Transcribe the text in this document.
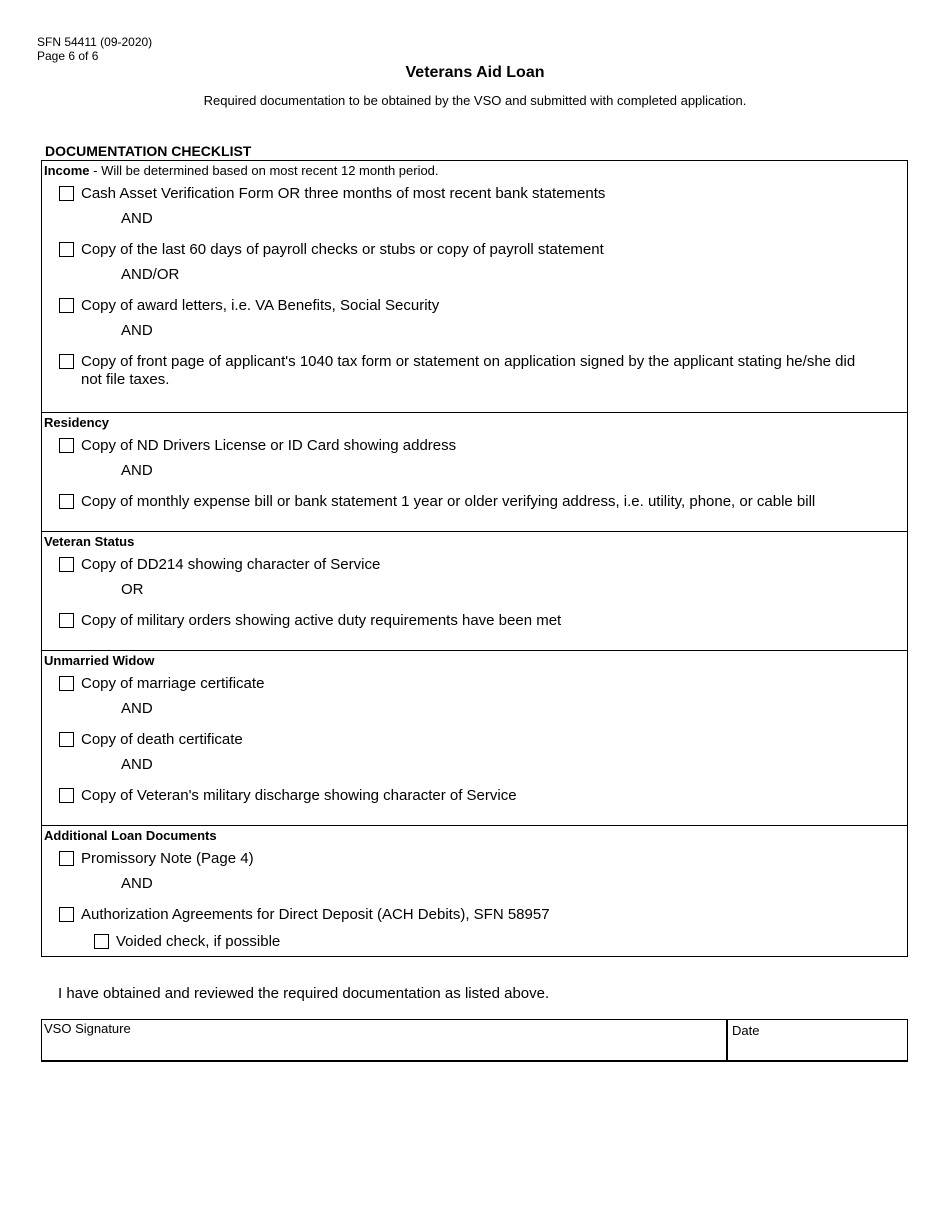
SFN 54411 (09-2020)
Page 6 of 6
Veterans Aid Loan
Required documentation to be obtained by the VSO and submitted with completed application.
DOCUMENTATION CHECKLIST
Income - Will be determined based on most recent 12 month period.
Cash Asset Verification Form OR three months of most recent bank statements
AND
Copy of the last 60 days of payroll checks or stubs or copy of payroll statement
AND/OR
Copy of award letters, i.e. VA Benefits, Social Security
AND
Copy of front page of applicant's 1040 tax form or statement on application signed by the applicant stating he/she did not file taxes.
Residency
Copy of ND Drivers License or ID Card showing address
AND
Copy of monthly expense bill or bank statement 1 year or older verifying address, i.e. utility, phone, or cable bill
Veteran Status
Copy of DD214 showing character of Service
OR
Copy of military orders showing active duty requirements have been met
Unmarried Widow
Copy of marriage certificate
AND
Copy of death certificate
AND
Copy of Veteran's military discharge showing character of Service
Additional Loan Documents
Promissory Note (Page 4)
AND
Authorization Agreements for Direct Deposit (ACH Debits), SFN 58957
Voided check, if possible
I have obtained and reviewed the required documentation as listed above.
VSO Signature	Date
